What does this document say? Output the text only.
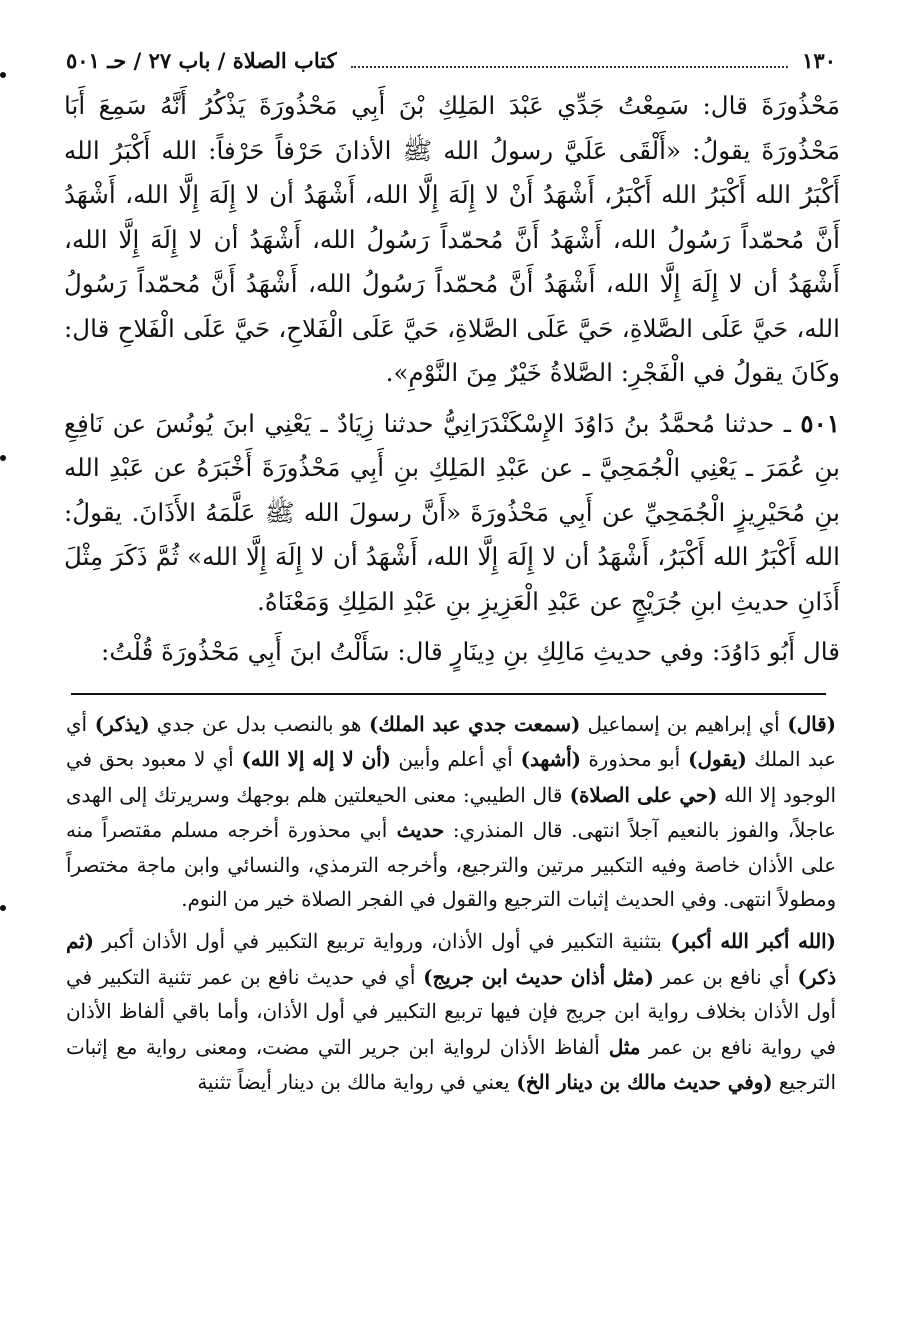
١٣٠
كتاب الصلاة / باب ٢٧ / حـ ٥٠١

مَحْذُورَةَ قال: سَمِعْتُ جَدِّي عَبْدَ المَلِكِ بْنَ أَبِي مَحْذُورَةَ يَذْكُرُ أَنَّهُ سَمِعَ أَبَا مَحْذُورَةَ يقولُ: «أَلْقَى عَلَيَّ رسولُ الله ﷺ الأذانَ حَرْفاً حَرْفاً: الله أَكْبَرُ الله أَكْبَرُ الله أَكْبَرُ الله أَكْبَرُ، أَشْهَدُ أَنْ لا إِلَهَ إِلَّا الله، أَشْهَدُ أن لا إِلَهَ إِلَّا الله، أَشْهَدُ أَنَّ مُحمّداً رَسُولُ الله، أَشْهَدُ أَنَّ مُحمّداً رَسُولُ الله، أَشْهَدُ أن لا إِلَهَ إِلَّا الله، أَشْهَدُ أن لا إِلَهَ إِلَّا الله، أَشْهَدُ أَنَّ مُحمّداً رَسُولُ الله، أَشْهَدُ أَنَّ مُحمّداً رَسُولُ الله، حَيَّ عَلَى الصَّلاةِ، حَيَّ عَلَى الصَّلاةِ، حَيَّ عَلَى الْفَلاحِ، حَيَّ عَلَى الْفَلاحِ قال: وكَانَ يقولُ في الْفَجْرِ: الصَّلاةُ خَيْرٌ مِنَ النَّوْمِ».

٥٠١ ـ حدثنا مُحمَّدُ بنُ دَاوُدَ الإِسْكَنْدَرَانِيُّ حدثنا زِيَادٌ ـ يَعْنِي ابنَ يُونُسَ عن نَافِعِ بنِ عُمَرَ ـ يَعْنِي الْجُمَحِيَّ ـ عن عَبْدِ المَلِكِ بنِ أَبِي مَحْذُورَةَ أَخْبَرَهُ عن عَبْدِ الله بنِ مُحَيْرِيزٍ الْجُمَحِيِّ عن أَبِي مَحْذُورَةَ «أَنَّ رسولَ الله ﷺ عَلَّمَهُ الأَذَانَ. يقولُ: الله أَكْبَرُ الله أَكْبَرُ، أَشْهَدُ أن لا إِلَهَ إِلَّا الله، أَشْهَدُ أن لا إِلَهَ إِلَّا الله» ثُمَّ ذَكَرَ مِثْلَ أَذَانِ حديثِ ابنِ جُرَيْجٍ عن عَبْدِ الْعَزِيزِ بنِ عَبْدِ المَلِكِ وَمَعْنَاهُ.

قال أَبُو دَاوُدَ: وفي حديثِ مَالِكِ بنِ دِينَارٍ قال: سَأَلْتُ ابنَ أَبِي مَحْذُورَةَ قُلْتُ:

(قال) أي إبراهيم بن إسماعيل (سمعت جدي عبد الملك) هو بالنصب بدل عن جدي (يذكر) أي عبد الملك (يقول) أبو محذورة (أشهد) أي أعلم وأبين (أن لا إله إلا الله) أي لا معبود بحق في الوجود إلا الله (حي على الصلاة) قال الطيبي: معنى الحيعلتين هلم بوجهك وسريرتك إلى الهدى عاجلاً، والفوز بالنعيم آجلاً انتهى. قال المنذري: حديث أبي محذورة أخرجه مسلم مقتصراً منه على الأذان خاصة وفيه التكبير مرتين والترجيع، وأخرجه الترمذي، والنسائي وابن ماجة مختصراً ومطولاً انتهى. وفي الحديث إثبات الترجيع والقول في الفجر الصلاة خير من النوم.

(الله أكبر الله أكبر) بتثنية التكبير في أول الأذان، ورواية تربيع التكبير في أول الأذان أكبر (ثم ذكر) أي نافع بن عمر (مثل أذان حديث ابن جريج) أي في حديث نافع بن عمر تثنية التكبير في أول الأذان بخلاف رواية ابن جريج فإن فيها تربيع التكبير في أول الأذان، وأما باقي ألفاظ الأذان في رواية نافع بن عمر مثل ألفاظ الأذان لرواية ابن جرير التي مضت، ومعنى رواية مع إثبات الترجيع (وفي حديث مالك بن دينار الخ) يعني في رواية مالك بن دينار أيضاً تثنية
